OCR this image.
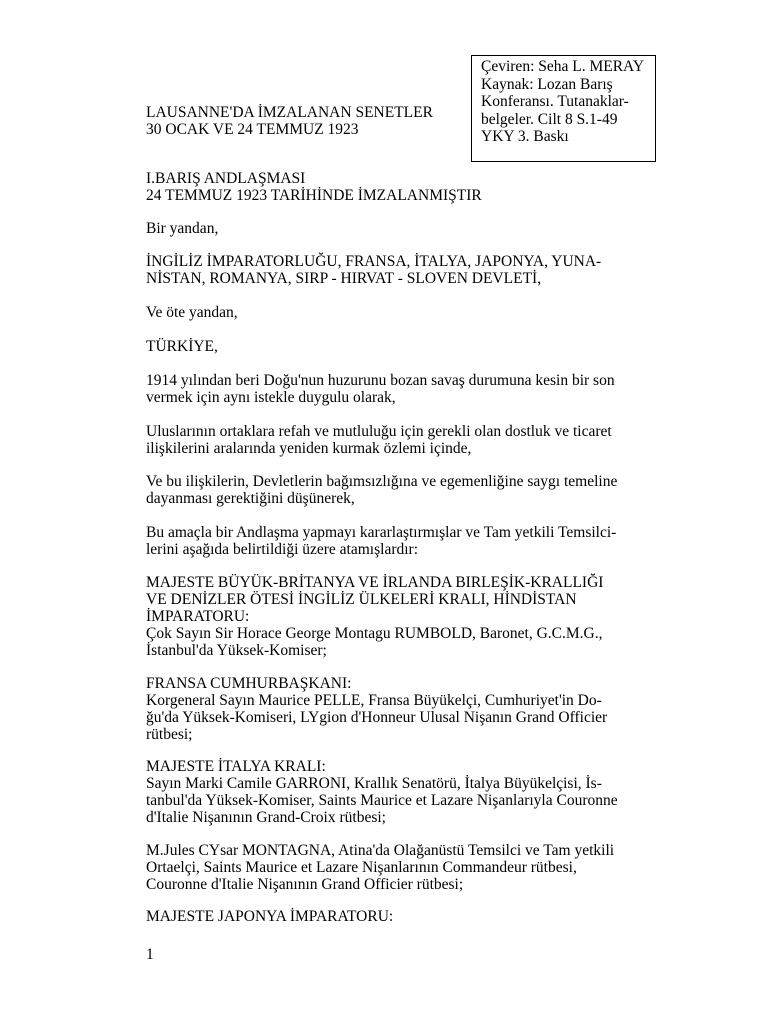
Çeviren: Seha L. MERAY
Kaynak: Lozan Barış
Konferansı. Tutanaklar-
belgeler. Cilt 8 S.1-49
YKY 3. Baskı
LAUSANNE'DA İMZALANAN SENETLER
30 OCAK VE 24 TEMMUZ 1923
I.BARIŞ ANDLAŞMASI
24 TEMMUZ 1923 TARİHİNDE İMZALANMIŞTIR
Bir yandan,
İNGİLİZ İMPARATORLUĞU, FRANSA, İTALYA, JAPONYA, YUNA-
NİSTAN, ROMANYA, SIRP - HIRVAT - SLOVEN DEVLETİ,
Ve öte yandan,
TÜRKİYE,
1914 yılından beri Doğu'nun huzurunu bozan savaş durumuna kesin bir son
vermek için aynı istekle duygulu olarak,
Uluslarının ortaklara refah ve mutluluğu için gerekli olan dostluk ve ticaret
ilişkilerini aralarında yeniden kurmak özlemi içinde,
Ve bu ilişkilerin, Devletlerin bağımsızlığına ve egemenliğine saygı temeline
dayanması gerektiğini düşünerek,
Bu amaçla bir Andlaşma yapmayı kararlaştırmışlar ve Tam yetkili Temsilci-
lerini aşağıda belirtildiği üzere atamışlardır:
MAJESTE BÜYÜK-BRİTANYA VE İRLANDA BIRLEŞİK-KRALLIĞI
VE DENİZLER ÖTESİ İNGİLİZ ÜLKELERİ KRALI, HİNDİSTAN
İMPARATORU:
Çok Sayın Sir Horace George Montagu RUMBOLD, Baronet, G.C.M.G.,
İstanbul'da Yüksek-Komiser;
FRANSA CUMHURBAŞKANI:
Korgeneral Sayın Maurice PELLE, Fransa Büyükelçi, Cumhuriyet'in Do-
ğu'da Yüksek-Komiseri, LYgion d'Honneur Ulusal Nişanın Grand Officier
rütbesi;
MAJESTE İTALYA KRALI:
Sayın Marki Camile GARRONI, Krallık Senatörü, İtalya Büyükelçisi, İs-
tanbul'da Yüksek-Komiser, Saints Maurice et Lazare Nişanlarıyla Couronne
d'Italie Nişanının Grand-Croix rütbesi;
M.Jules CYsar MONTAGNA, Atina'da Olağanüstü Temsilci ve Tam yetkili
Ortaelçi, Saints Maurice et Lazare Nişanlarının Commandeur rütbesi,
Couronne d'Italie Nişanının Grand Officier rütbesi;
MAJESTE JAPONYA İMPARATORU:
1
